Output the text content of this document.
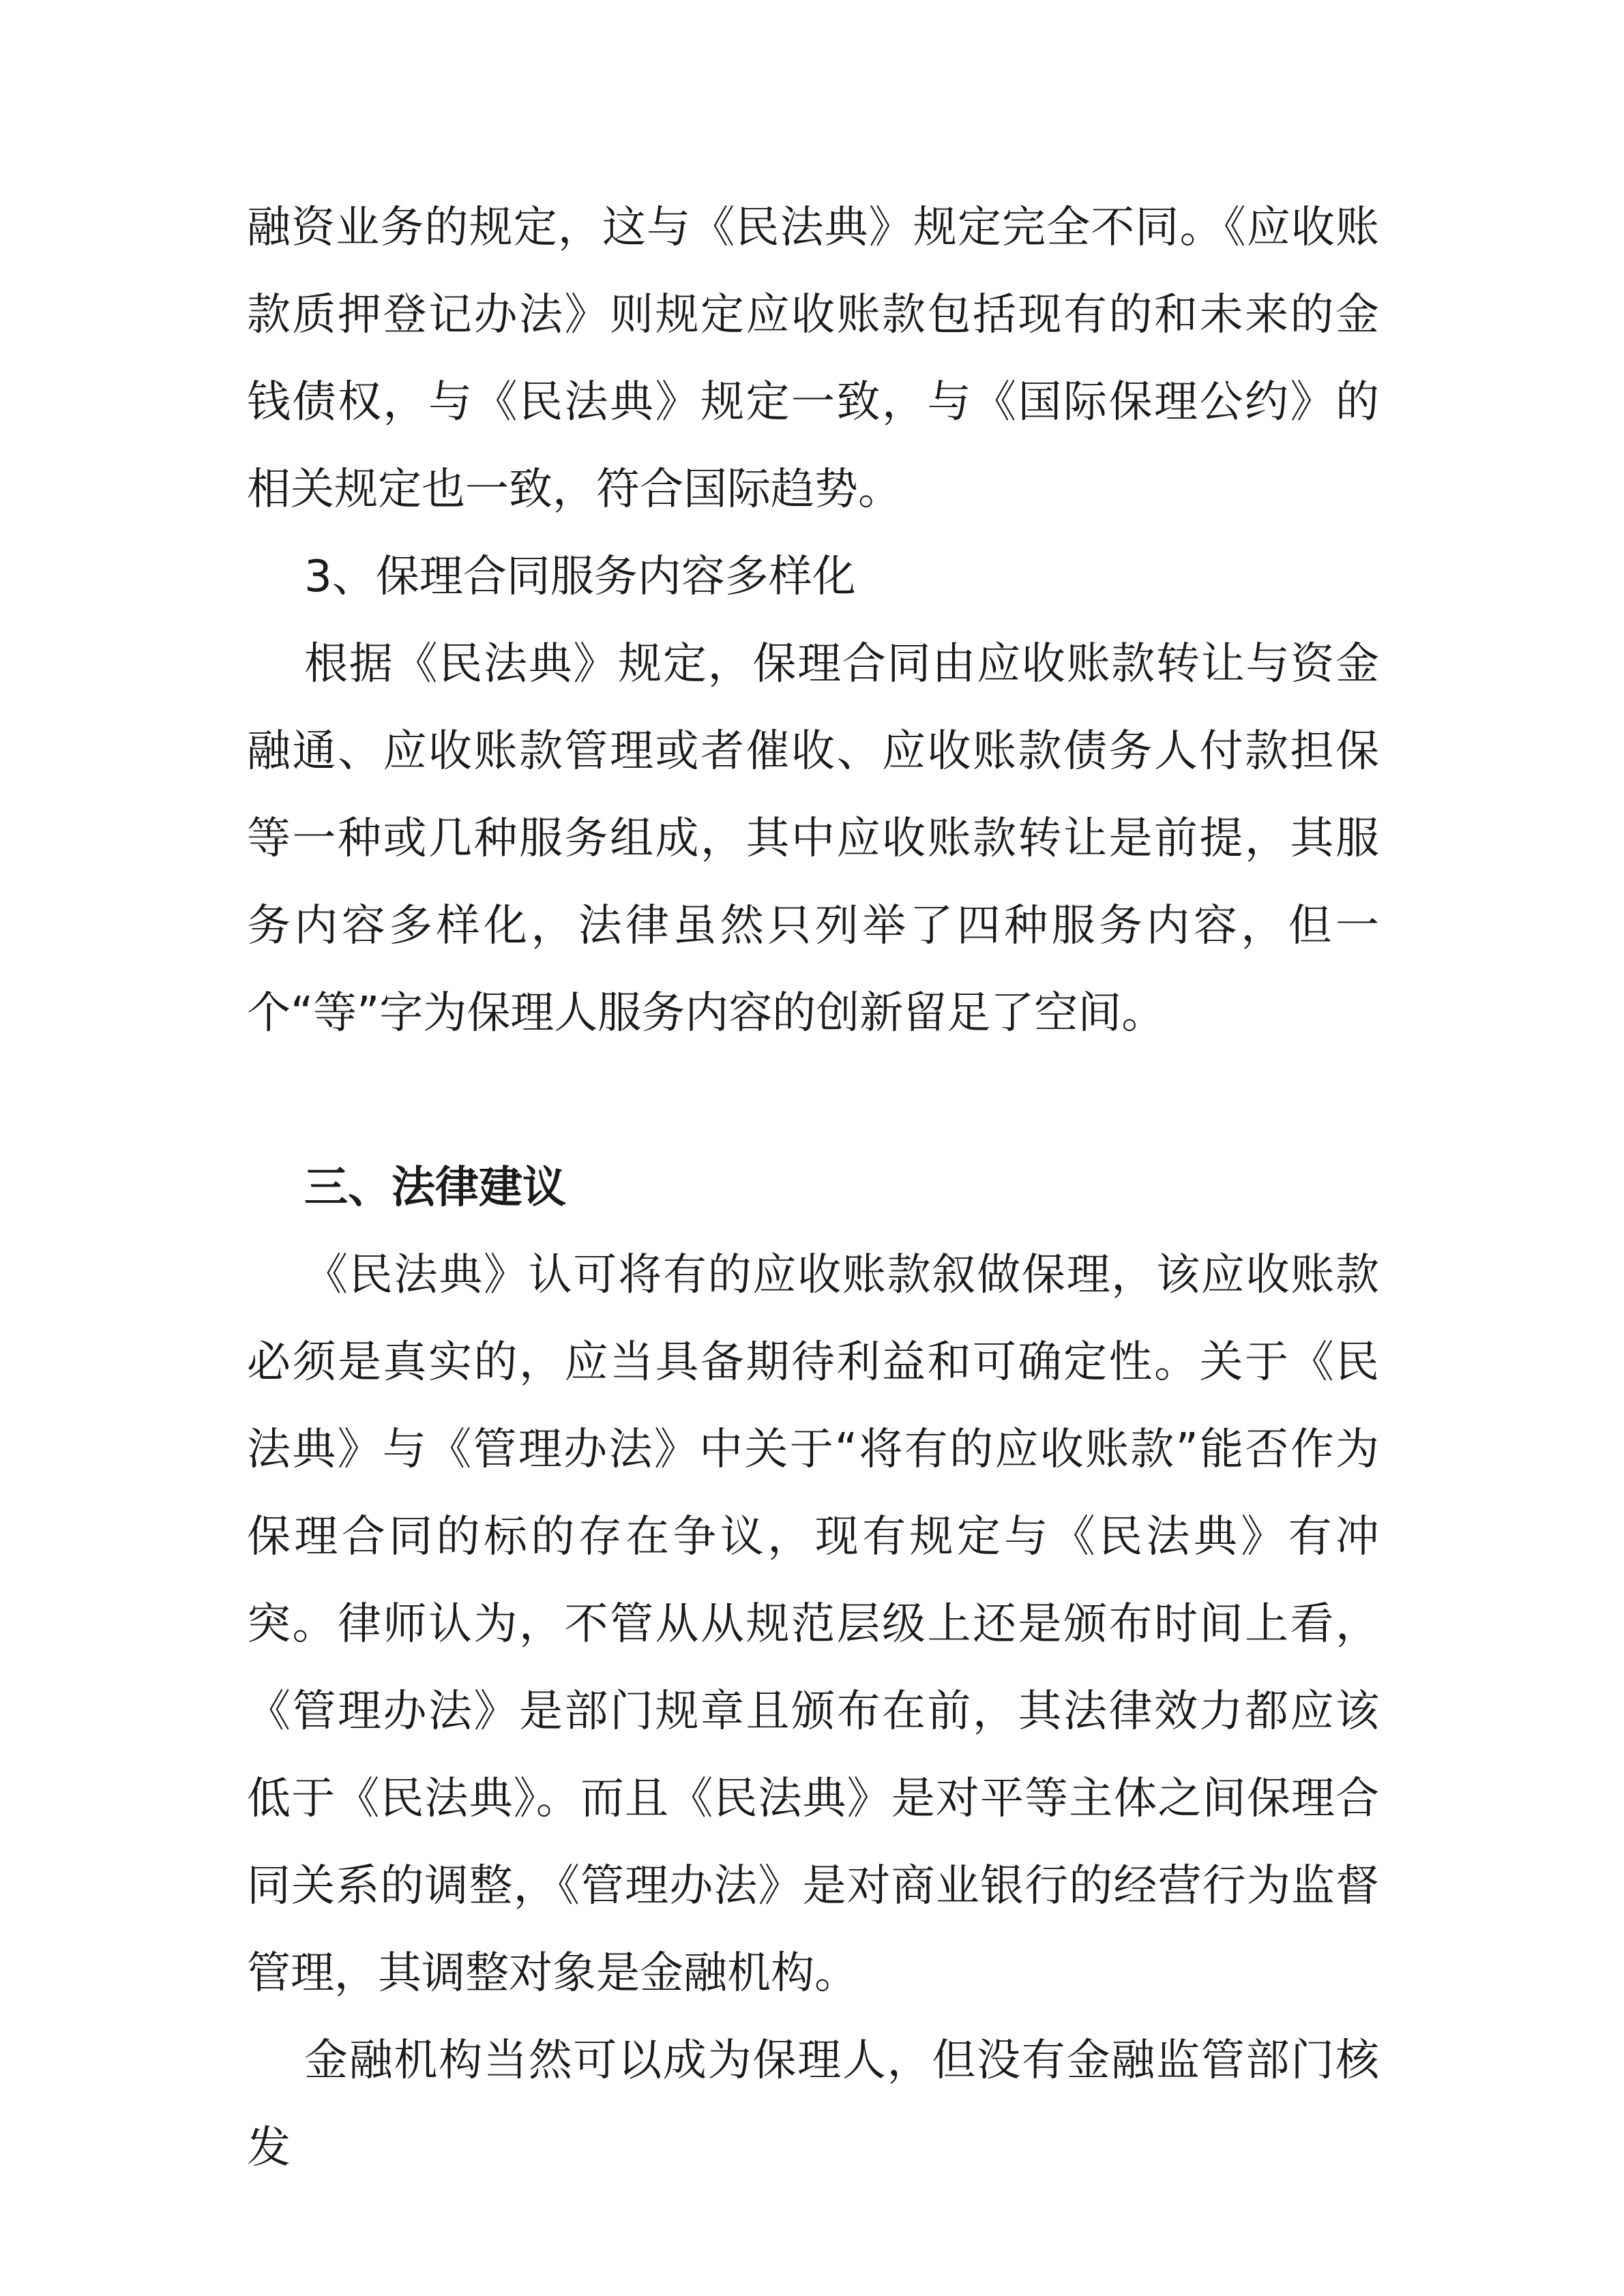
融资业务的规定，这与《民法典》规定完全不同。《应收账款质押登记办法》则规定应收账款包括现有的和未来的金钱债权，与《民法典》规定一致，与《国际保理公约》的相关规定也一致，符合国际趋势。

3、保理合同服务内容多样化

根据《民法典》规定，保理合同由应收账款转让与资金融通、应收账款管理或者催收、应收账款债务人付款担保等一种或几种服务组成，其中应收账款转让是前提，其服务内容多样化，法律虽然只列举了四种服务内容，但一个“等”字为保理人服务内容的创新留足了空间。

三、法律建议

《民法典》认可将有的应收账款叙做保理，该应收账款必须是真实的，应当具备期待利益和可确定性。关于《民法典》与《管理办法》中关于“将有的应收账款”能否作为保理合同的标的存在争议，现有规定与《民法典》有冲突。律师认为，不管从从规范层级上还是颁布时间上看，《管理办法》是部门规章且颁布在前，其法律效力都应该低于《民法典》。而且《民法典》是对平等主体之间保理合同关系的调整，《管理办法》是对商业银行的经营行为监督管理，其调整对象是金融机构。

金融机构当然可以成为保理人，但没有金融监管部门核发
